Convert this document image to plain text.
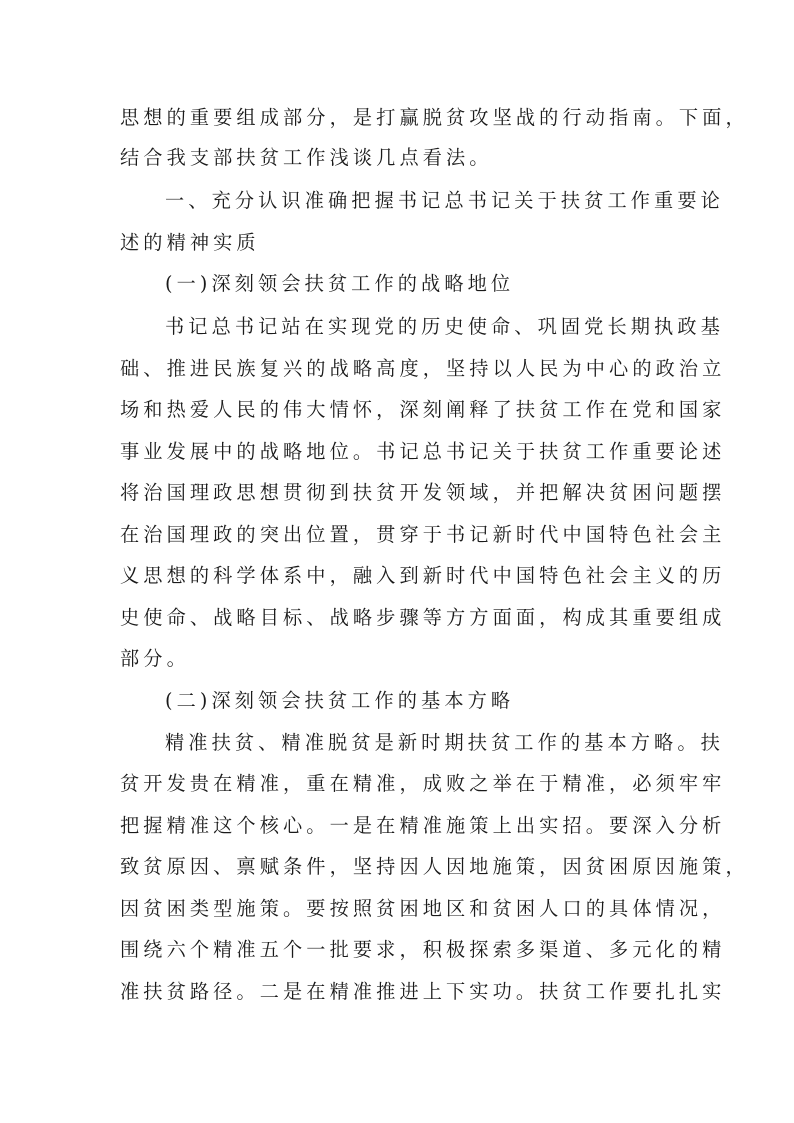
思想的重要组成部分，是打赢脱贫攻坚战的行动指南。下面，
结合我支部扶贫工作浅谈几点看法。
一、充分认识准确把握书记总书记关于扶贫工作重要论
述的精神实质
(一)深刻领会扶贫工作的战略地位
书记总书记站在实现党的历史使命、巩固党长期执政基
础、推进民族复兴的战略高度，坚持以人民为中心的政治立
场和热爱人民的伟大情怀，深刻阐释了扶贫工作在党和国家
事业发展中的战略地位。书记总书记关于扶贫工作重要论述
将治国理政思想贯彻到扶贫开发领域，并把解决贫困问题摆
在治国理政的突出位置，贯穿于书记新时代中国特色社会主
义思想的科学体系中，融入到新时代中国特色社会主义的历
史使命、战略目标、战略步骤等方方面面，构成其重要组成
部分。
(二)深刻领会扶贫工作的基本方略
精准扶贫、精准脱贫是新时期扶贫工作的基本方略。扶
贫开发贵在精准，重在精准，成败之举在于精准，必须牢牢
把握精准这个核心。一是在精准施策上出实招。要深入分析
致贫原因、禀赋条件，坚持因人因地施策，因贫困原因施策，
因贫困类型施策。要按照贫困地区和贫困人口的具体情况，
围绕六个精准五个一批要求，积极探索多渠道、多元化的精
准扶贫路径。二是在精准推进上下实功。扶贫工作要扎扎实
